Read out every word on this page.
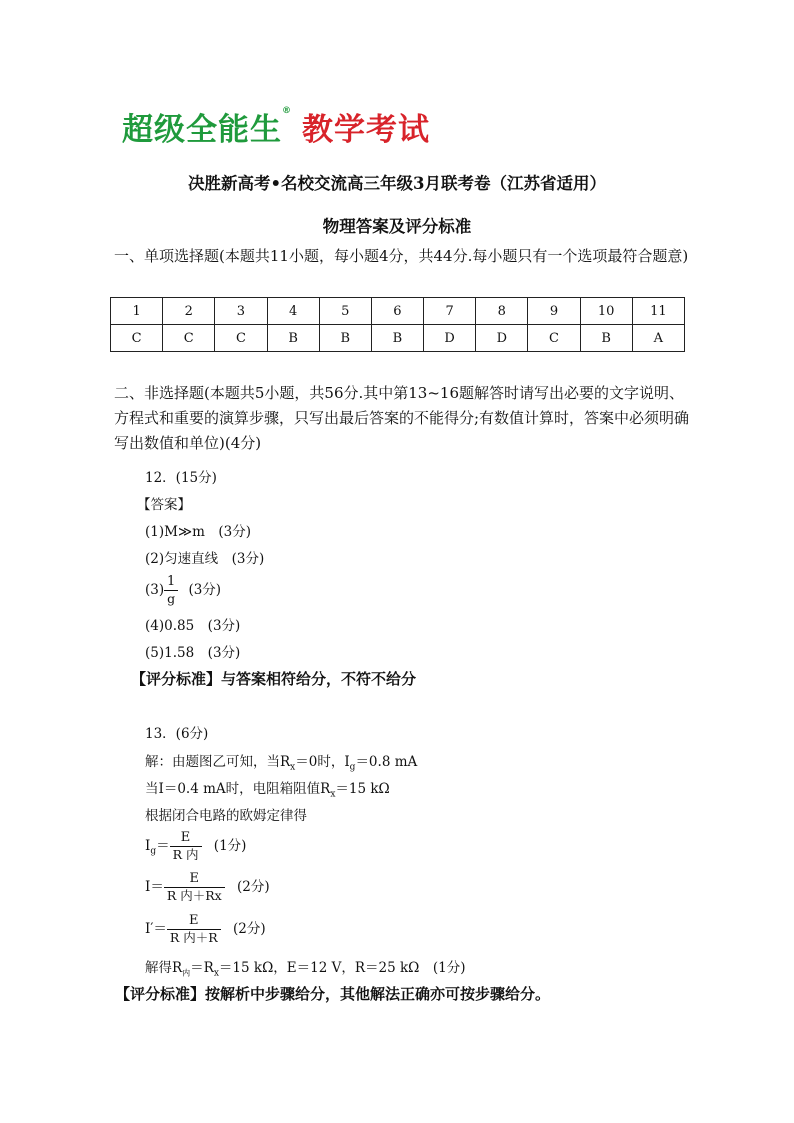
超级全能生®教学考试
决胜新高考•名校交流高三年级3月联考卷（江苏省适用）
物理答案及评分标准
一、单项选择题(本题共11小题，每小题4分，共44分.每小题只有一个选项最符合题意)
1	2	3	4	5	6	7	8	9	10	11
C	C	C	B	B	B	D	D	C	B	A
二、非选择题(本题共5小题，共56分.其中第13~16题解答时请写出必要的文字说明、方程式和重要的演算步骤，只写出最后答案的不能得分;有数值计算时，答案中必须明确写出数值和单位)(4分)
12．(15分)
【答案】
(1)M≫m　(3分)
(2)匀速直线　(3分)
$(3) \frac{1}{g} (3$分)
(4)0.85　(3分)
(5)1.58　(3分)
【评分标准】与答案相符给分，不符不给分
13．(6分)
解：由题图乙可知，当$R_x=0$时，$I_g=0.8$ mA
当I＝0.4 mA时，电阻箱阻值$R_x=15$ kΩ
根据闭合电路的欧姆定律得
$I_g= \frac{E}{\text{R 内}} (1$分)
$I= \frac{E}{\text{R 内＋Rx}} (2$分)
$I'= \frac{E}{\text{R 内＋R}} (2$分)
解得$R_内=R_x=15$ kΩ，E＝12 V，R＝25 kΩ　(1分)
【评分标准】按解析中步骤给分，其他解法正确亦可按步骤给分。
